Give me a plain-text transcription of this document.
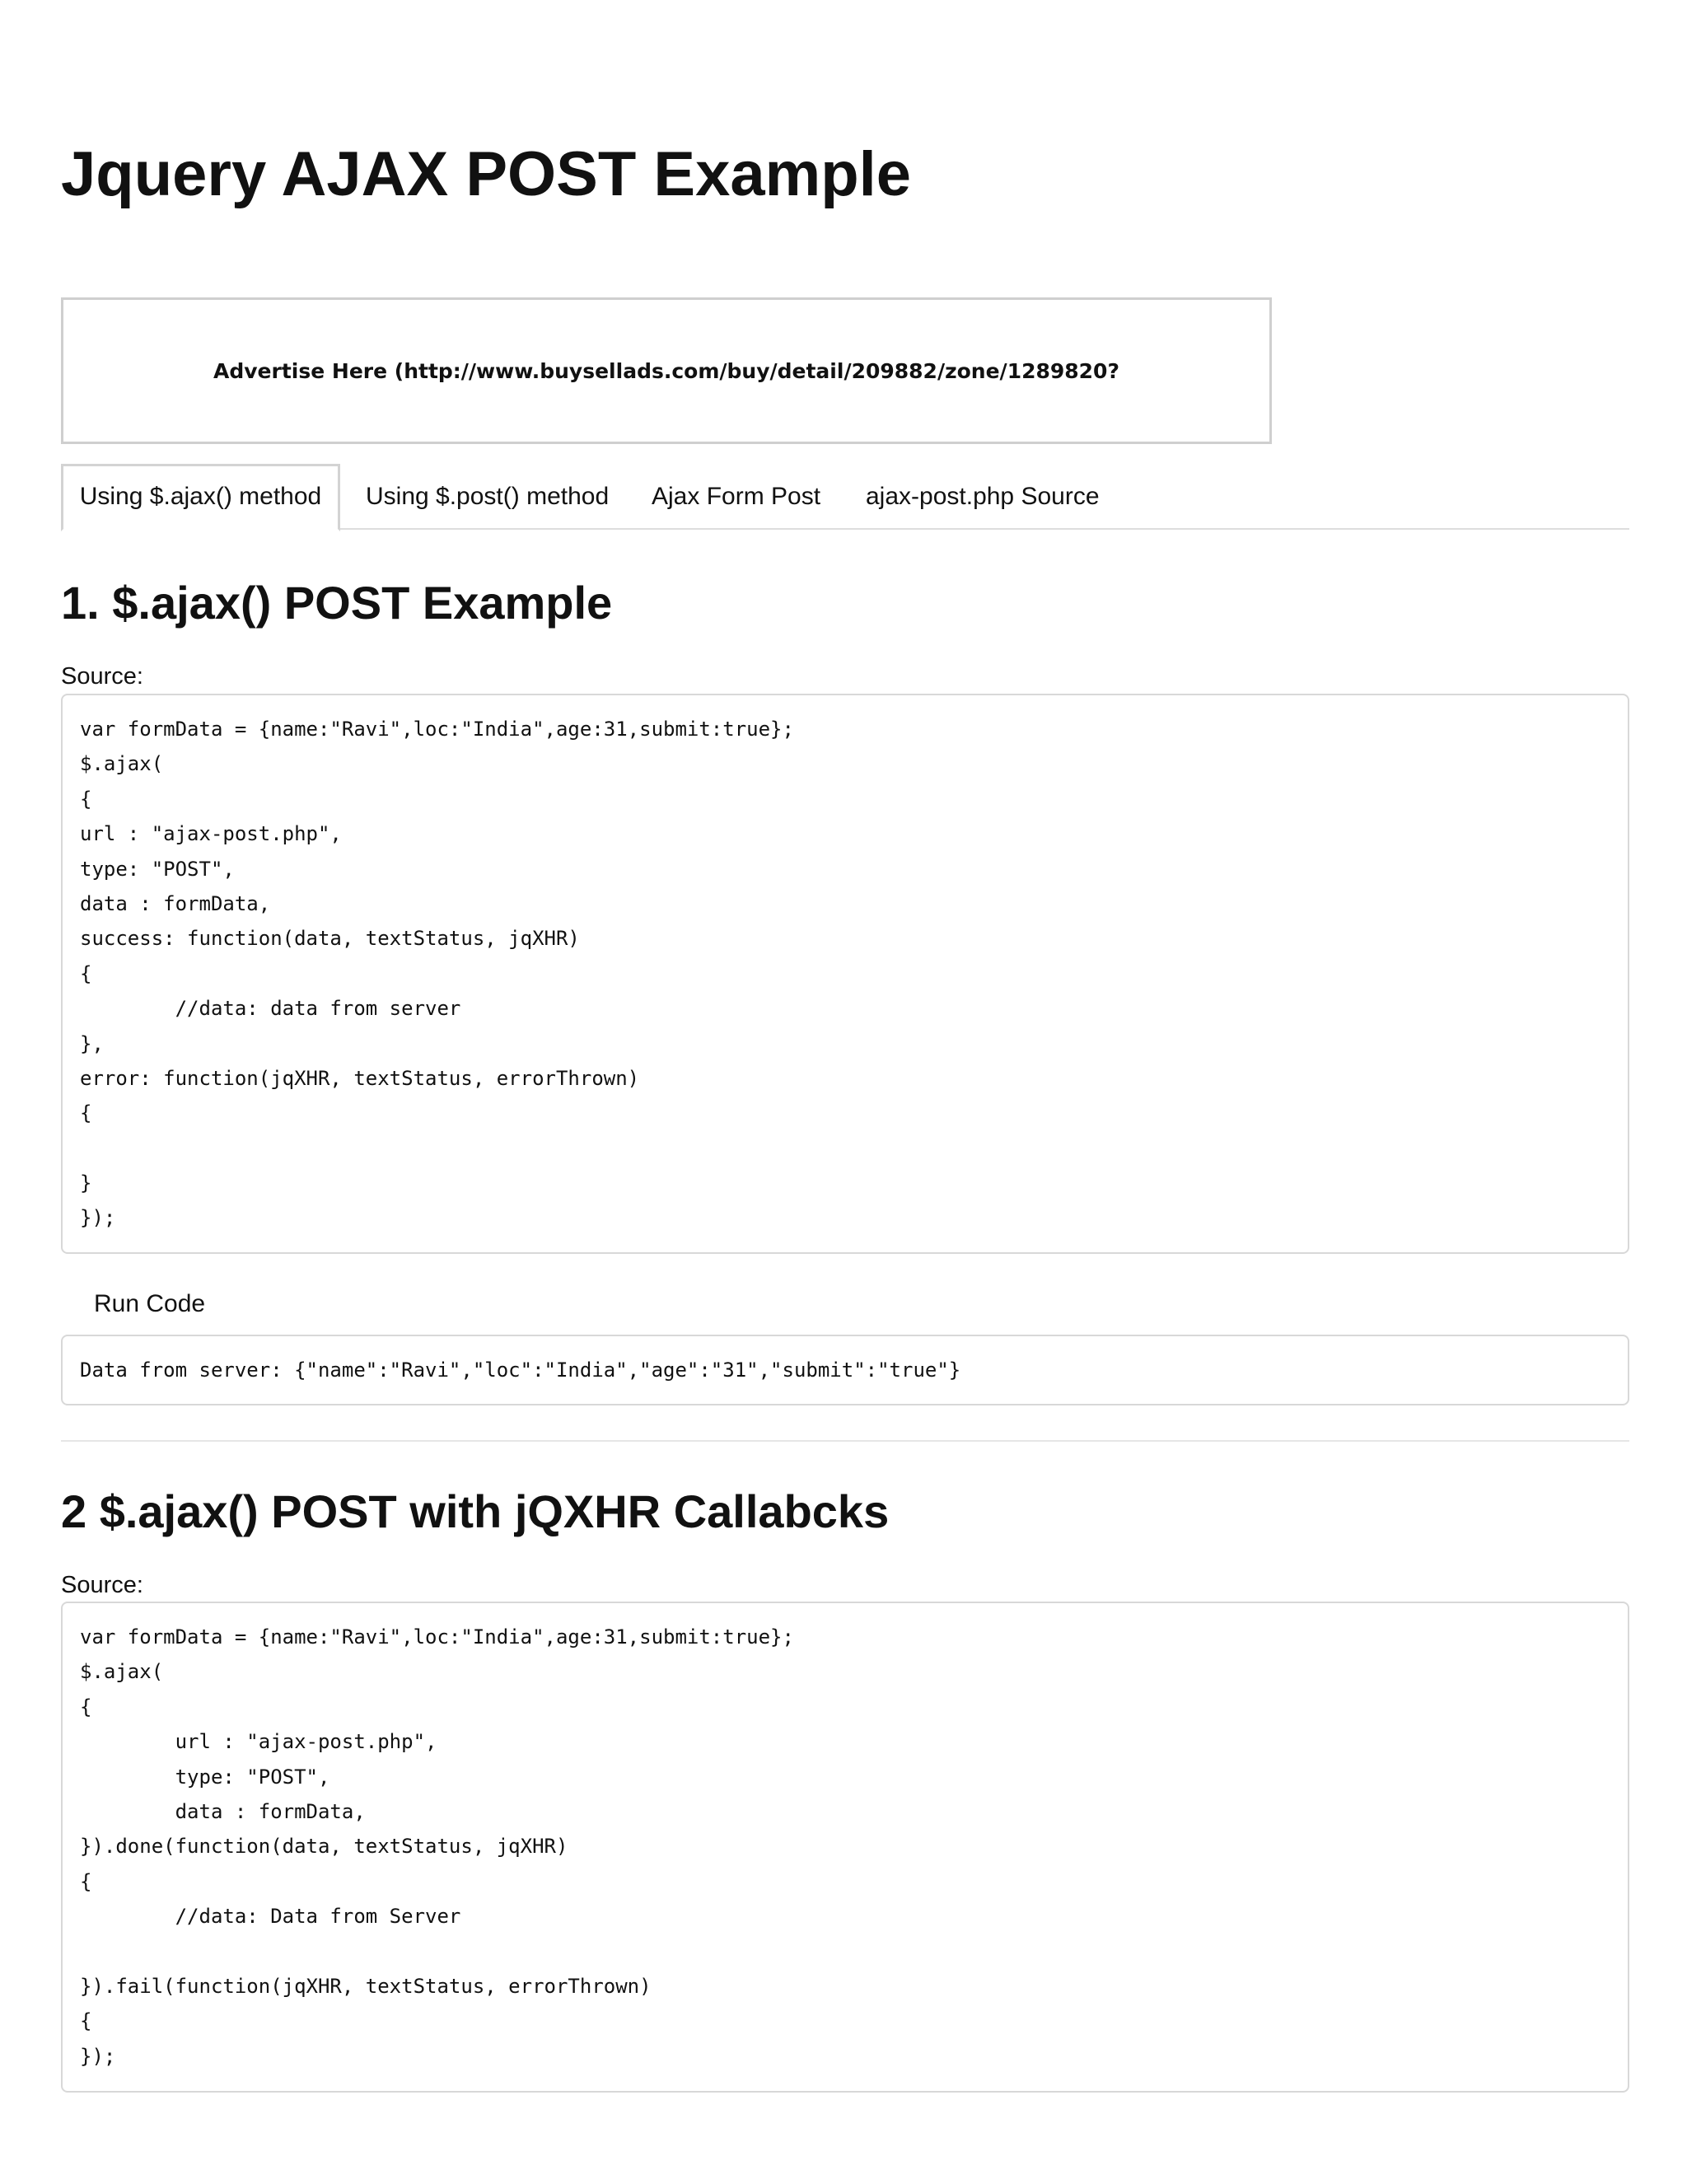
Jquery AJAX POST Example
Advertise Here (http://www.buysellads.com/buy/detail/209882/zone/1289820?
Using $.ajax() method	Using $.post() method Ajax Form Post ajax-post.php Source
1. $.ajax() POST Example
Source:
var formData = {name:"Ravi",loc:"India",age:31,submit:true};
$.ajax(
{
url : "ajax-post.php",
type: "POST",
data : formData,
success: function(data, textStatus, jqXHR)
{
//data: data from server
},
error: function(jqXHR, textStatus, errorThrown)
{
}
});
Run Code
Data from server: {"name":"Ravi","loc":"India","age":"31","submit":"true"}
2 $.ajax() POST with jQXHR Callabcks
Source:
var formData = {name:"Ravi",loc:"India",age:31,submit:true};
$.ajax(
{
url : "ajax-post.php",
type: "POST",
data : formData,
}).done(function(data, textStatus, jqXHR)
{
//data: Data from Server
}).fail(function(jqXHR, textStatus, errorThrown)
{
});
